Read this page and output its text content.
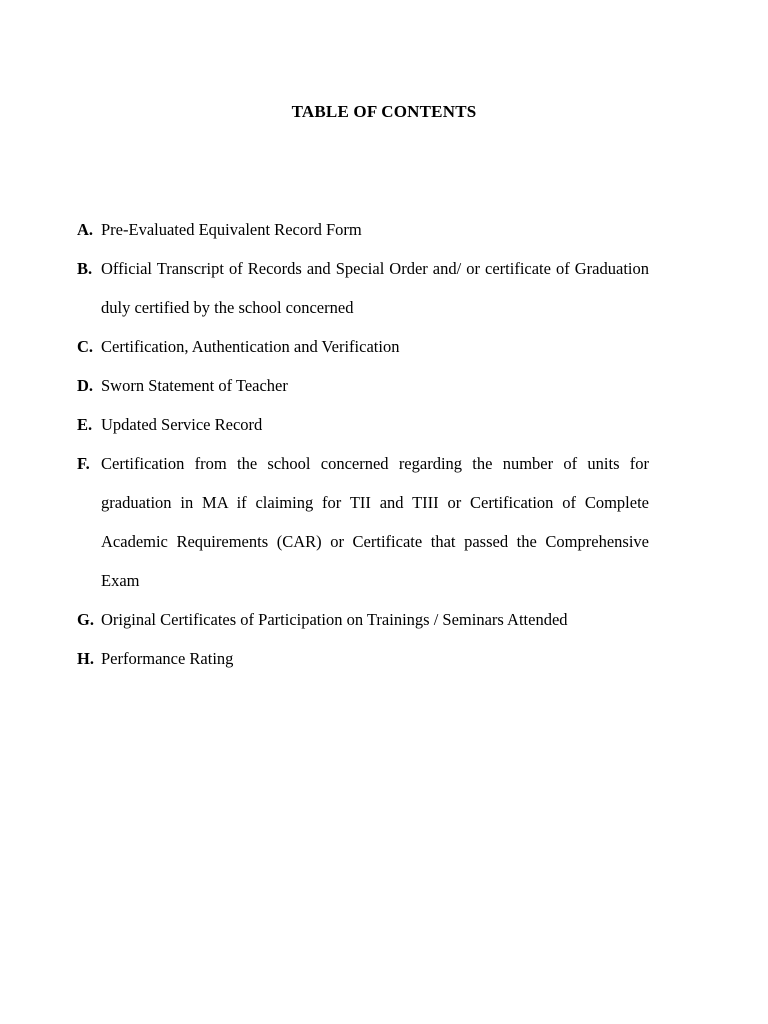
TABLE OF CONTENTS
A. Pre-Evaluated Equivalent Record Form
B. Official Transcript of Records and Special Order and/ or certificate of Graduation duly certified by the school concerned
C. Certification, Authentication and Verification
D. Sworn Statement of Teacher
E. Updated Service Record
F. Certification from the school concerned regarding the number of units for graduation in MA if claiming for TII and TIII or Certification of Complete Academic Requirements (CAR) or Certificate that passed the Comprehensive Exam
G. Original Certificates of Participation on Trainings / Seminars Attended
H. Performance Rating
